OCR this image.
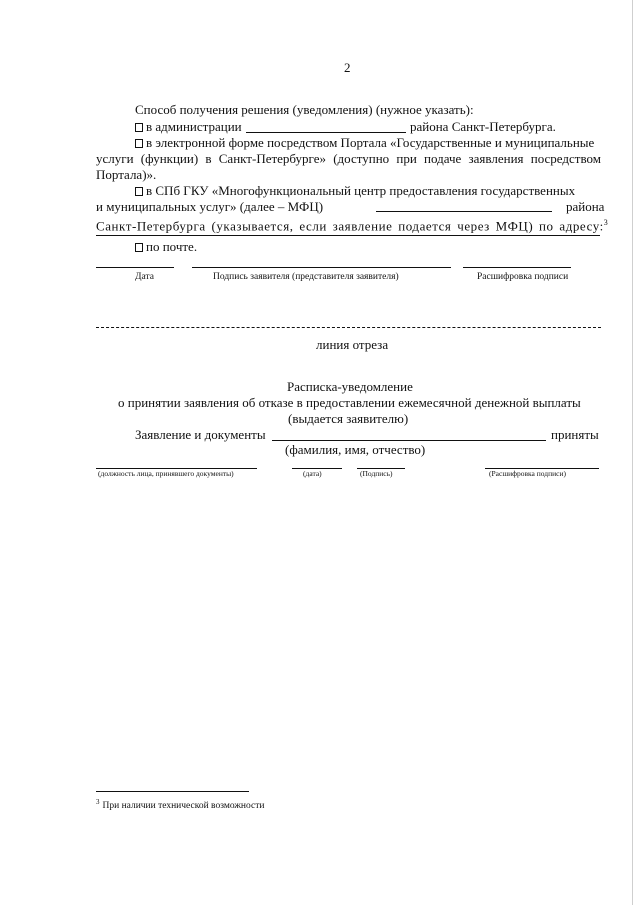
2
Способ получения решения (уведомления) (нужное указать):
в администрации	района Санкт-Петербурга.
в электронной форме посредством Портала «Государственные и муниципальные
услуги (функции) в Санкт-Петербурге» (доступно при подаче заявления посредством
Портала)».
в СПб ГКУ «Многофункциональный центр предоставления государственных
и муниципальных услуг» (далее – МФЦ)	района
Санкт-Петербурга (указывается, если заявление подается через МФЦ) по адресу:$^3$
по почте.
Дата	Подпись заявителя (представителя заявителя)	Расшифровка подписи
линия отреза
Расписка-уведомление
о принятии заявления об отказе в предоставлении ежемесячной денежной выплаты
(выдается заявителю)
Заявление и документы	приняты
(фамилия, имя, отчество)
(должность лица, принявшего документы)	(дата)	(Подпись)	(Расшифровка подписи)
$^3$ При наличии технической возможности
